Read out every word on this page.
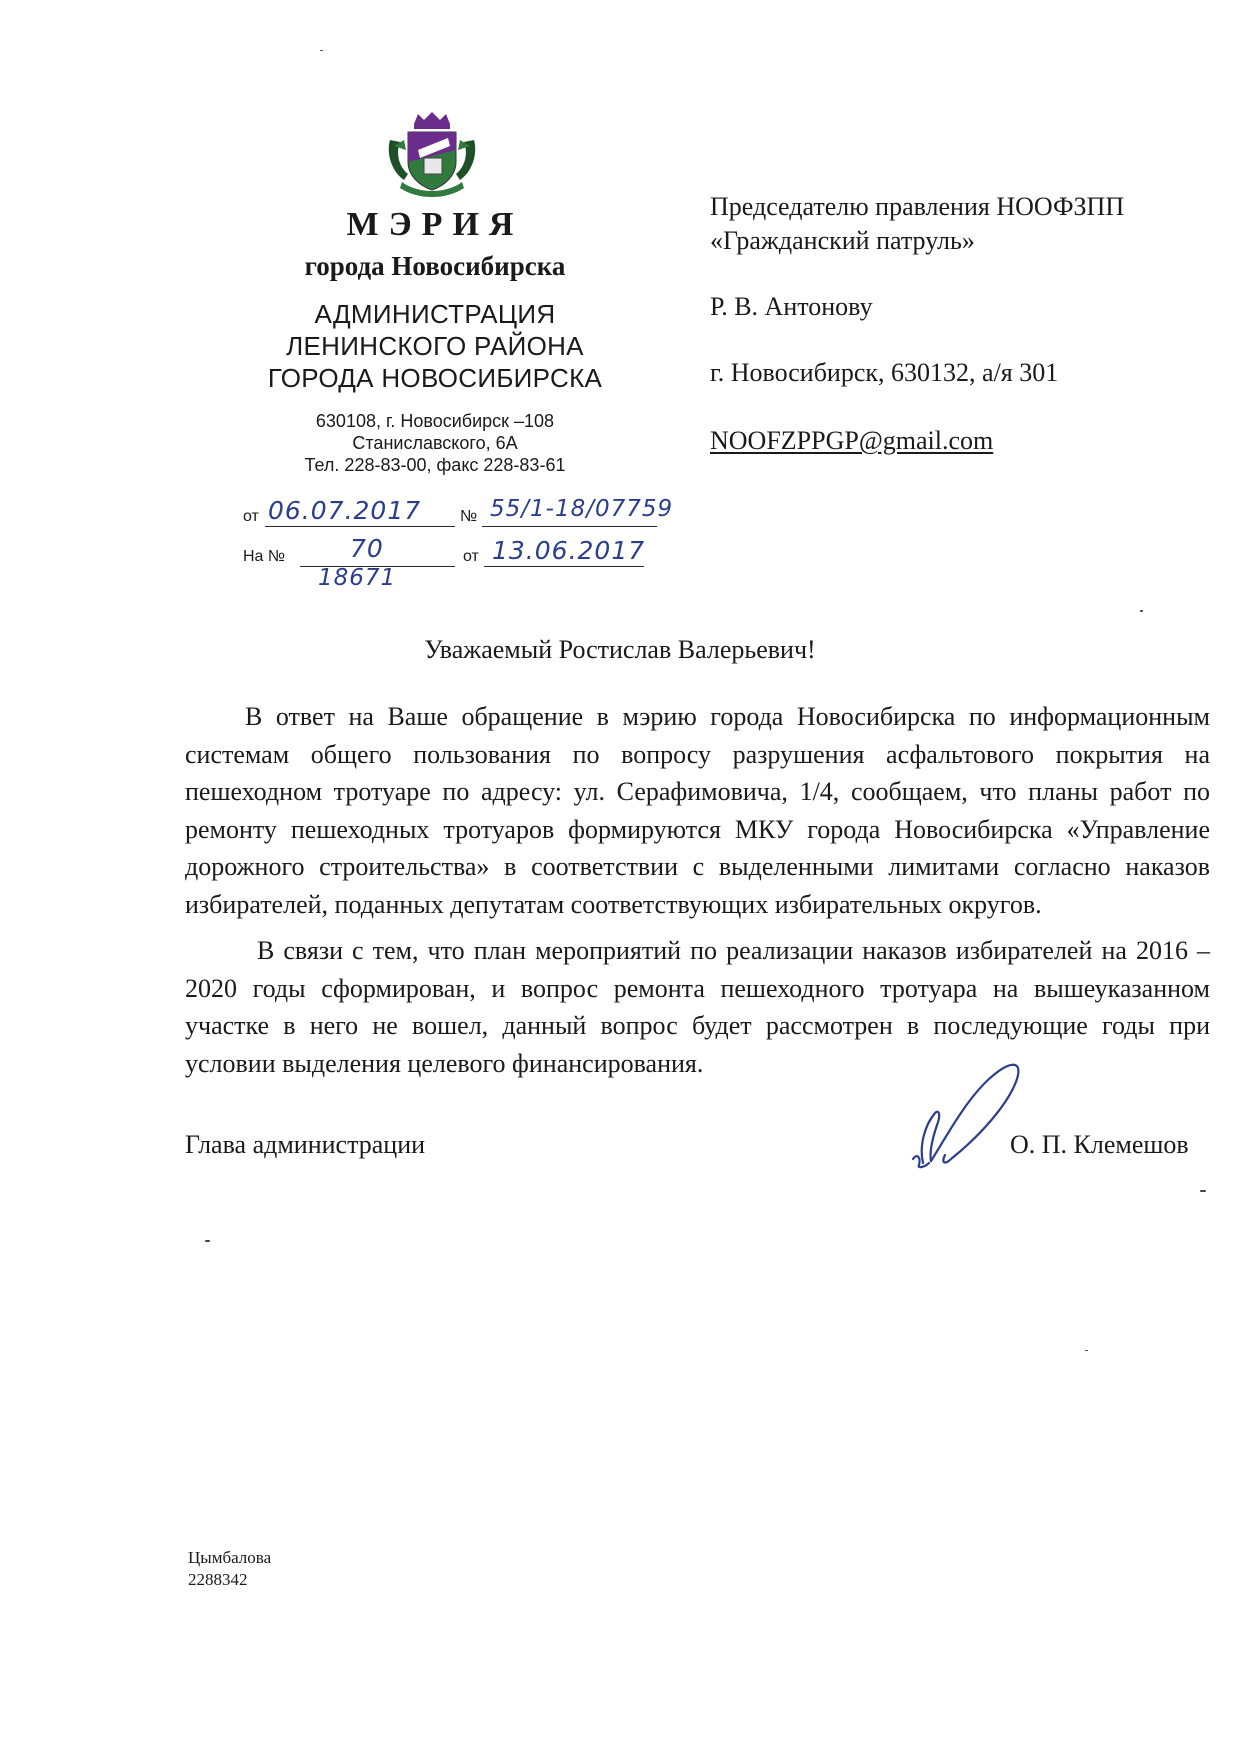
МЭРИЯ
города Новосибирска
АДМИНИСТРАЦИЯ
ЛЕНИНСКОГО РАЙОНА
ГОРОДА НОВОСИБИРСКА
630108, г. Новосибирск –108
Станиславского, 6А
Тел. 228-83-00, факс 228-83-61
от 06.07.2017 № 55/1-18/07759
На №	70
18671
от 13.06.2017
Председателю правления НООФЗПП
«Гражданский патруль»
Р. В. Антонову
г. Новосибирск, 630132, а/я 301
NOOFZPPGP@gmail.com
Уважаемый Ростислав Валерьевич!

В ответ на Ваше обращение в мэрию города Новосибирска по информационным системам общего пользования по вопросу разрушения асфальтового покрытия на пешеходном тротуаре по адресу: ул. Серафимовича, 1/4, сообщаем, что планы работ по ремонту пешеходных тротуаров формируются МКУ города Новосибирска «Управление дорожного строительства» в соответствии с выделенными лимитами согласно наказов избирателей, поданных депутатам соответствующих избирательных округов.

В связи с тем, что план мероприятий по реализации наказов избирателей на 2016 – 2020 годы сформирован, и вопрос ремонта пешеходного тротуара на вышеуказанном участке в него не вошел, данный вопрос будет рассмотрен в последующие годы при условии выделения целевого финансирования.

Глава администрации	О. П. Клемешов
Цымбалова
2288342
